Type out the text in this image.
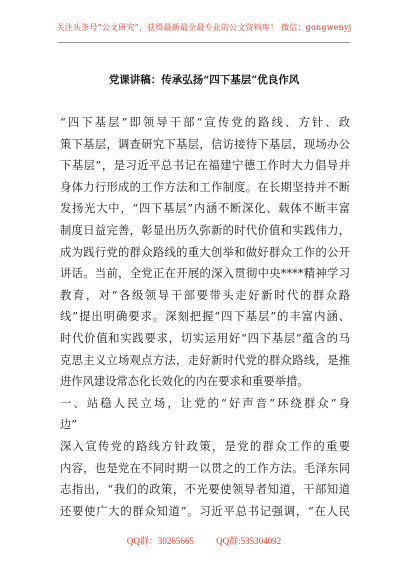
关注头条号“公文研究”，获得最新最全最专业的公文资料库！ 微信：gongwenyj
党课讲稿：传承弘扬“四下基层”优良作风
“四下基层”即领导干部“宣传党的路线、方针、政
策下基层，调查研究下基层，信访接待下基层，现场办公
下基层”，是习近平总书记在福建宁德工作时大力倡导并
身体力行形成的工作方法和工作制度。在长期坚持并不断
发扬光大中，“四下基层”内涵不断深化、载体不断丰富
制度日益完善，彰显出历久弥新的时代价值和实践伟力，
成为践行党的群众路线的重大创举和做好群众工作的公开
讲话。当前，全党正在开展的深入贯彻中央****精神学习
教育，对“各级领导干部要带头走好新时代的群众路
线”提出明确要求。深刻把握“四下基层”的丰富内涵、
时代价值和实践要求，切实运用好“四下基层”蕴含的马
克思主义立场观点方法，走好新时代党的群众路线，是推
进作风建设常态化长效化的内在要求和重要举措。
一、站稳人民立场，让党的“好声音”环绕群众“身
边”
深入宣传党的路线方针政策，是党的群众工作的重要
内容，也是党在不同时期一以贯之的工作方法。毛泽东同
志指出，“我们的政策，不光要使领导者知道，干部知道
还要使广大的群众知道”。习近平总书记强调，“在人民
QQ群：30265665 QQ群:535304092
